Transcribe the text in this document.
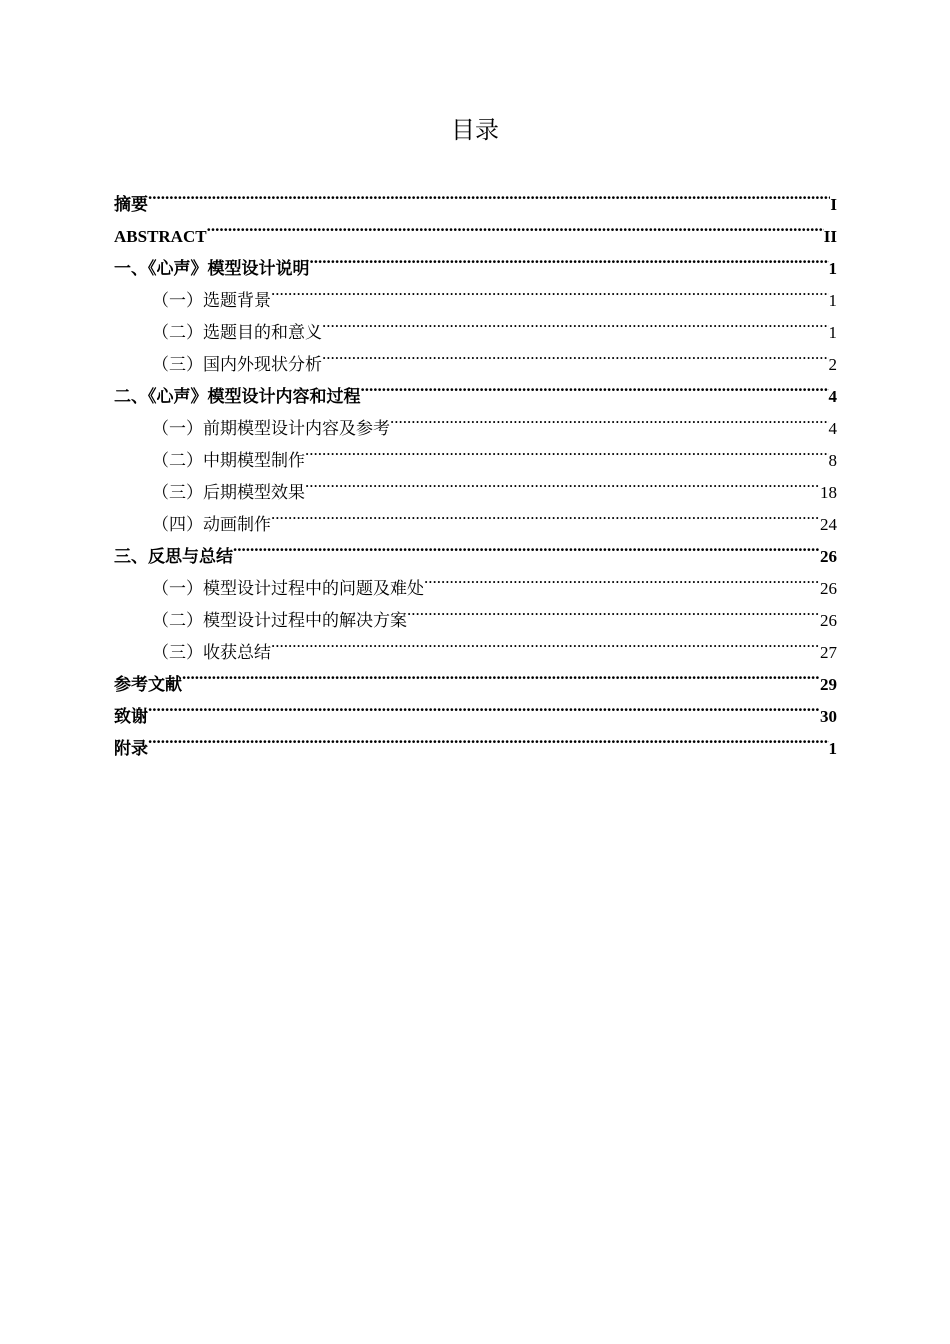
目录
摘要 .....	I
ABSTRACT .....	II
一、《心声》模型设计说明 .....	1
（一）选题背景 .....	1
（二）选题目的和意义 .....	1
（三）国内外现状分析 .....	2
二、《心声》模型设计内容和过程 .....	4
（一）前期模型设计内容及参考 .....	4
（二）中期模型制作 .....	8
（三）后期模型效果 .....	18
（四）动画制作 .....	24
三、反思与总结 .....	26
（一）模型设计过程中的问题及难处 .....	26
（二）模型设计过程中的解决方案 .....	26
（三）收获总结 .....	27
参考文献 .....	29
致谢 .....	30
附录 .....	1
